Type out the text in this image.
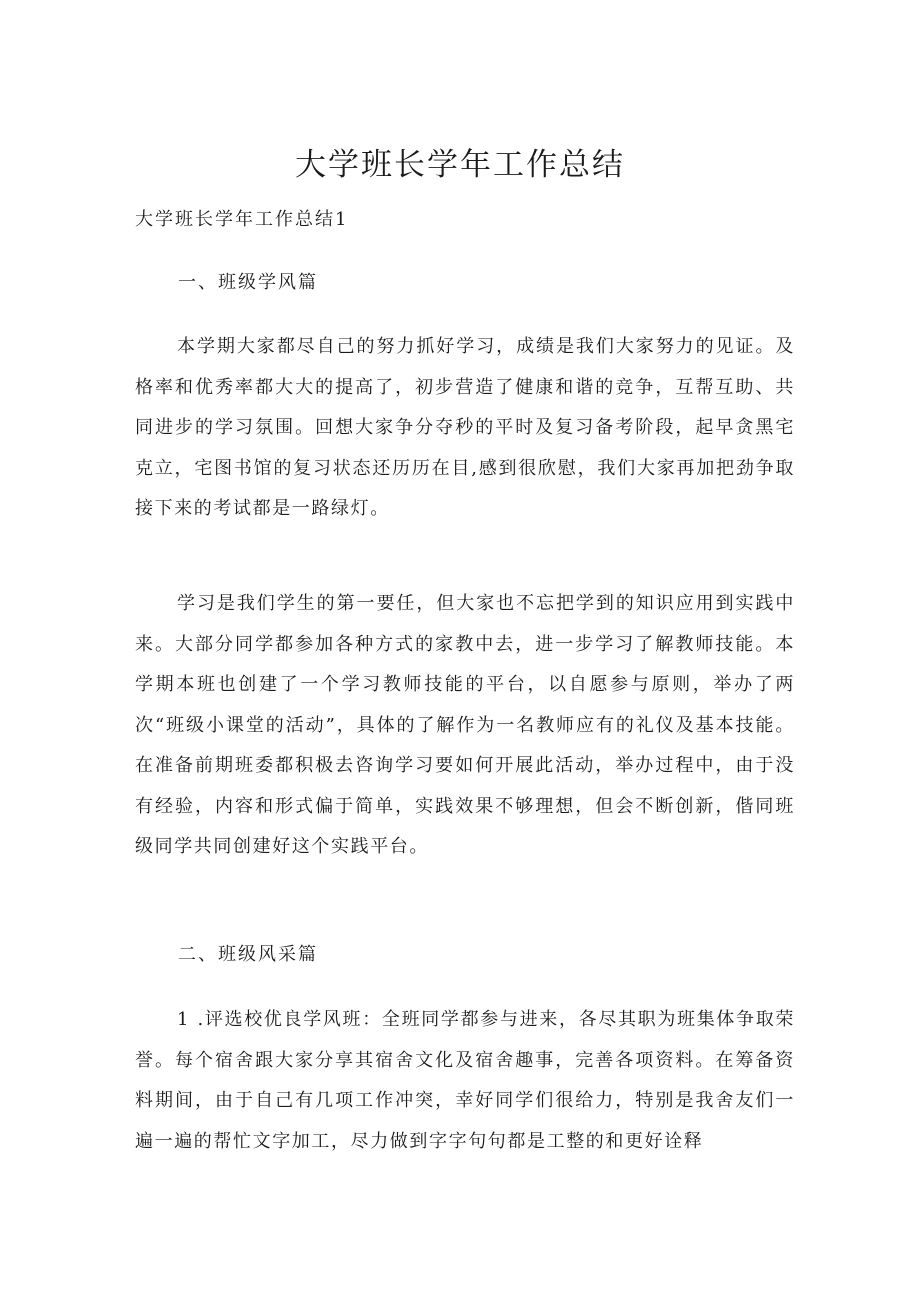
大学班长学年工作总结

大学班长学年工作总结1

一、班级学风篇

本学期大家都尽自己的努力抓好学习，成绩是我们大家努力的见证。及格率和优秀率都大大的提高了，初步营造了健康和谐的竞争，互帮互助、共同进步的学习氛围。回想大家争分夺秒的平时及复习备考阶段，起早贪黑宅克立，宅图书馆的复习状态还历历在目,感到很欣慰，我们大家再加把劲争取接下来的考试都是一路绿灯。

学习是我们学生的第一要任，但大家也不忘把学到的知识应用到实践中来。大部分同学都参加各种方式的家教中去，进一步学习了解教师技能。本学期本班也创建了一个学习教师技能的平台，以自愿参与原则，举办了两次“班级小课堂的活动”，具体的了解作为一名教师应有的礼仪及基本技能。在准备前期班委都积极去咨询学习要如何开展此活动，举办过程中，由于没有经验，内容和形式偏于简单，实践效果不够理想，但会不断创新，偕同班级同学共同创建好这个实践平台。

二、班级风采篇

1 .评选校优良学风班：全班同学都参与进来，各尽其职为班集体争取荣誉。每个宿舍跟大家分享其宿舍文化及宿舍趣事，完善各项资料。在筹备资料期间，由于自己有几项工作冲突，幸好同学们很给力，特别是我舍友们一遍一遍的帮忙文字加工，尽力做到字字句句都是工整的和更好诠释
